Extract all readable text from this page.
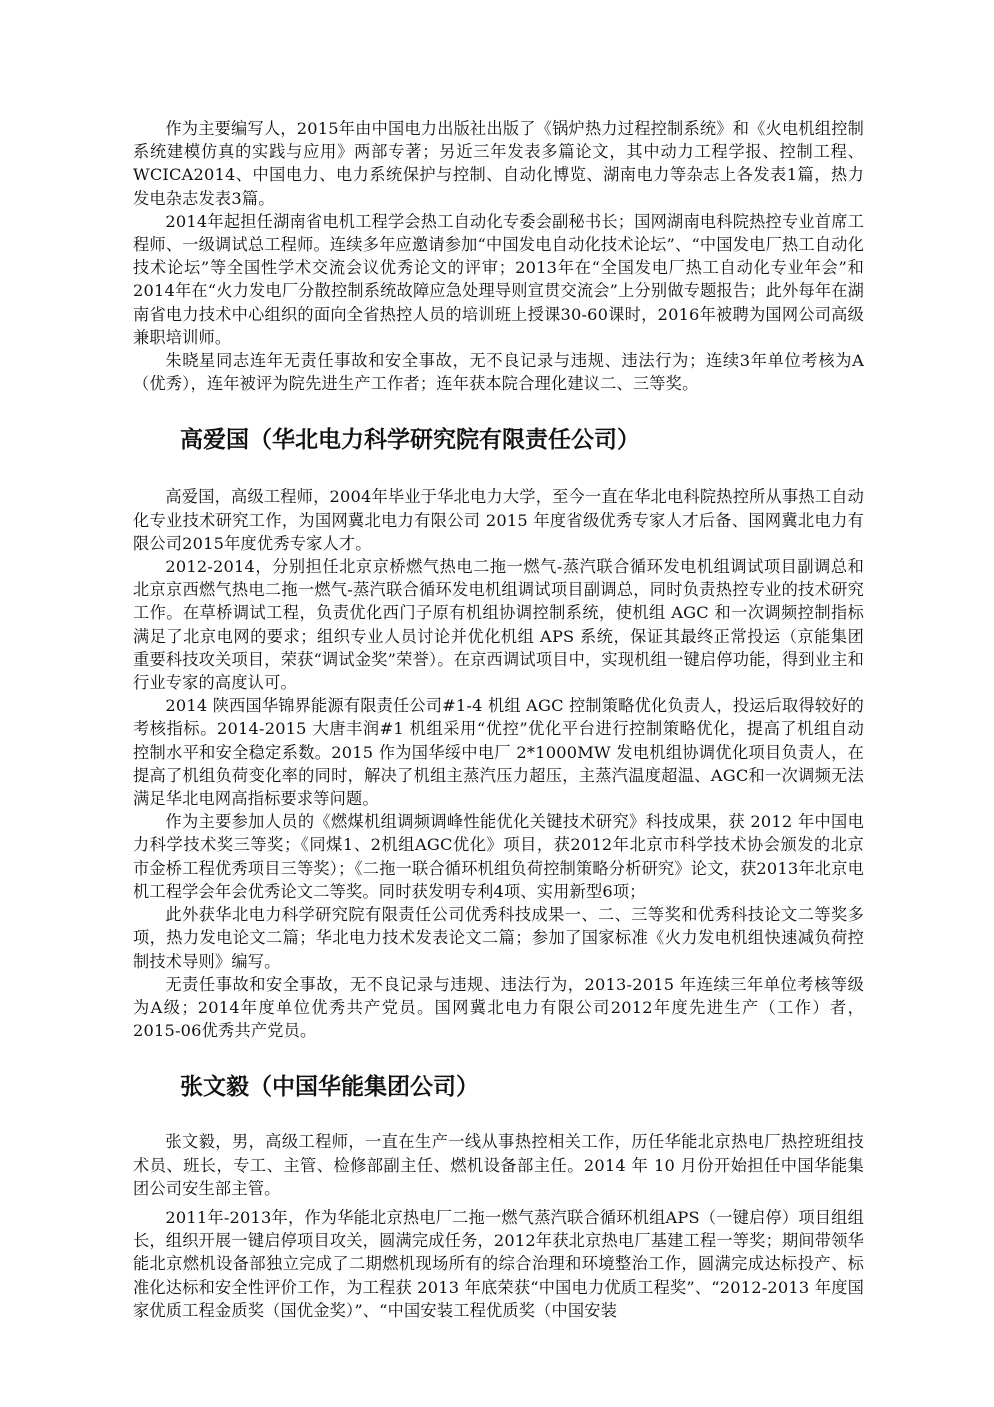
作为主要编写人，2015年由中国电力出版社出版了《锅炉热力过程控制系统》和《火电机组控制系统建模仿真的实践与应用》两部专著；另近三年发表多篇论文，其中动力工程学报、控制工程、WCICA2014、中国电力、电力系统保护与控制、自动化博览、湖南电力等杂志上各发表1篇，热力发电杂志发表3篇。

2014年起担任湖南省电机工程学会热工自动化专委会副秘书长；国网湖南电科院热控专业首席工程师、一级调试总工程师。连续多年应邀请参加“中国发电自动化技术论坛”、“中国发电厂热工自动化技术论坛”等全国性学术交流会议优秀论文的评审；2013年在“全国发电厂热工自动化专业年会”和2014年在“火力发电厂分散控制系统故障应急处理导则宣贯交流会”上分别做专题报告；此外每年在湖南省电力技术中心组织的面向全省热控人员的培训班上授课30-60课时，2016年被聘为国网公司高级兼职培训师。

朱晓星同志连年无责任事故和安全事故，无不良记录与违规、违法行为；连续3年单位考核为A（优秀），连年被评为院先进生产工作者；连年获本院合理化建议二、三等奖。

高爱国（华北电力科学研究院有限责任公司）

高爱国，高级工程师，2004年毕业于华北电力大学，至今一直在华北电科院热控所从事热工自动化专业技术研究工作，为国网冀北电力有限公司 2015 年度省级优秀专家人才后备、国网冀北电力有限公司2015年度优秀专家人才。

2012-2014，分别担任北京京桥燃气热电二拖一燃气-蒸汽联合循环发电机组调试项目副调总和北京京西燃气热电二拖一燃气-蒸汽联合循环发电机组调试项目副调总，同时负责热控专业的技术研究工作。在草桥调试工程，负责优化西门子原有机组协调控制系统，使机组 AGC 和一次调频控制指标满足了北京电网的要求；组织专业人员讨论并优化机组 APS 系统，保证其最终正常投运（京能集团重要科技攻关项目，荣获“调试金奖”荣誉）。在京西调试项目中，实现机组一键启停功能，得到业主和行业专家的高度认可。

2014 陕西国华锦界能源有限责任公司#1-4 机组 AGC 控制策略优化负责人，投运后取得较好的考核指标。2014-2015 大唐丰润#1 机组采用“优控”优化平台进行控制策略优化，提高了机组自动控制水平和安全稳定系数。2015 作为国华绥中电厂 2*1000MW 发电机组协调优化项目负责人，在提高了机组负荷变化率的同时，解决了机组主蒸汽压力超压，主蒸汽温度超温、AGC和一次调频无法满足华北电网高指标要求等问题。

作为主要参加人员的《燃煤机组调频调峰性能优化关键技术研究》科技成果，获 2012 年中国电力科学技术奖三等奖；《同煤1、2机组AGC优化》项目，获2012年北京市科学技术协会颁发的北京市金桥工程优秀项目三等奖）；《二拖一联合循环机组负荷控制策略分析研究》论文，获2013年北京电机工程学会年会优秀论文二等奖。同时获发明专利4项、实用新型6项；

此外获华北电力科学研究院有限责任公司优秀科技成果一、二、三等奖和优秀科技论文二等奖多项，热力发电论文二篇；华北电力技术发表论文二篇；参加了国家标准《火力发电机组快速减负荷控制技术导则》编写。

无责任事故和安全事故，无不良记录与违规、违法行为，2013-2015 年连续三年单位考核等级为A级；2014年度单位优秀共产党员。国网冀北电力有限公司2012年度先进生产（工作）者， 2015-06优秀共产党员。

张文毅（中国华能集团公司）

张文毅，男，高级工程师，一直在生产一线从事热控相关工作，历任华能北京热电厂热控班组技术员、班长，专工、主管、检修部副主任、燃机设备部主任。2014 年 10 月份开始担任中国华能集团公司安生部主管。

2011年-2013年，作为华能北京热电厂二拖一燃气蒸汽联合循环机组APS（一键启停）项目组组长，组织开展一键启停项目攻关，圆满完成任务，2012年获北京热电厂基建工程一等奖；期间带领华能北京燃机设备部独立完成了二期燃机现场所有的综合治理和环境整治工作，圆满完成达标投产、标准化达标和安全性评价工作，为工程获 2013 年底荣获“中国电力优质工程奖”、“2012-2013 年度国家优质工程金质奖（国优金奖）”、“中国安装工程优质奖（中国安装
